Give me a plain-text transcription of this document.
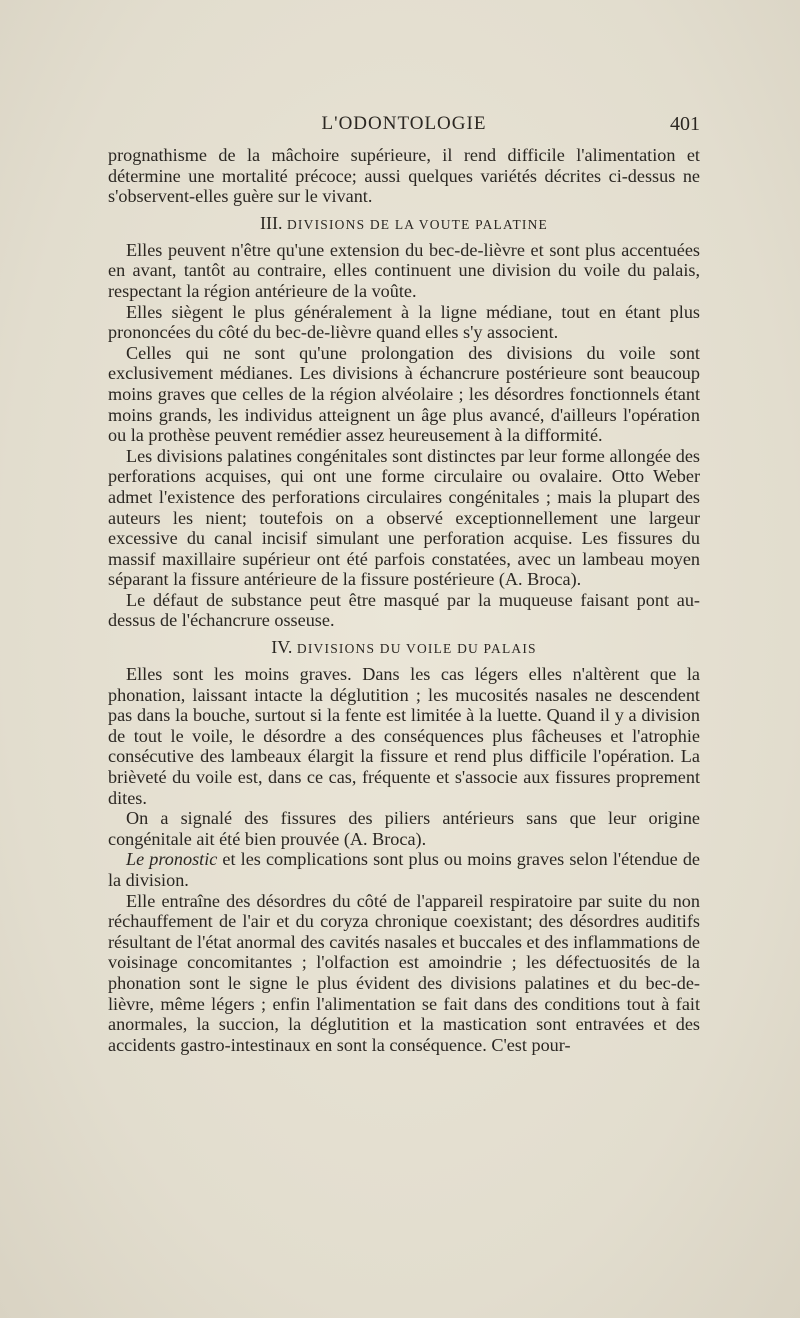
L'ODONTOLOGIE	401

prognathisme de la mâchoire supérieure, il rend difficile l'alimentation et détermine une mortalité précoce; aussi quelques variétés décrites ci-dessus ne s'observent-elles guère sur le vivant.

III. DIVISIONS DE LA VOUTE PALATINE

Elles peuvent n'être qu'une extension du bec-de-lièvre et sont plus accentuées en avant, tantôt au contraire, elles continuent une division du voile du palais, respectant la région antérieure de la voûte.

Elles siègent le plus généralement à la ligne médiane, tout en étant plus prononcées du côté du bec-de-lièvre quand elles s'y associent.

Celles qui ne sont qu'une prolongation des divisions du voile sont exclusivement médianes. Les divisions à échancrure postérieure sont beaucoup moins graves que celles de la région alvéolaire ; les désordres fonctionnels étant moins grands, les individus atteignent un âge plus avancé, d'ailleurs l'opération ou la prothèse peuvent remédier assez heureusement à la difformité.

Les divisions palatines congénitales sont distinctes par leur forme allongée des perforations acquises, qui ont une forme circulaire ou ovalaire. Otto Weber admet l'existence des perforations circulaires congénitales ; mais la plupart des auteurs les nient; toutefois on a observé exceptionnellement une largeur excessive du canal incisif simulant une perforation acquise. Les fissures du massif maxillaire supérieur ont été parfois constatées, avec un lambeau moyen séparant la fissure antérieure de la fissure postérieure (A. Broca).

Le défaut de substance peut être masqué par la muqueuse faisant pont au-dessus de l'échancrure osseuse.

IV. DIVISIONS DU VOILE DU PALAIS

Elles sont les moins graves. Dans les cas légers elles n'altèrent que la phonation, laissant intacte la déglutition ; les mucosités nasales ne descendent pas dans la bouche, surtout si la fente est limitée à la luette. Quand il y a division de tout le voile, le désordre a des conséquences plus fâcheuses et l'atrophie consécutive des lambeaux élargit la fissure et rend plus difficile l'opération. La brièveté du voile est, dans ce cas, fréquente et s'associe aux fissures proprement dites.

On a signalé des fissures des piliers antérieurs sans que leur origine congénitale ait été bien prouvée (A. Broca).

Le pronostic et les complications sont plus ou moins graves selon l'étendue de la division.

Elle entraîne des désordres du côté de l'appareil respiratoire par suite du non réchauffement de l'air et du coryza chronique coexistant; des désordres auditifs résultant de l'état anormal des cavités nasales et buccales et des inflammations de voisinage concomitantes ; l'olfaction est amoindrie ; les défectuosités de la phonation sont le signe le plus évident des divisions palatines et du bec-de-lièvre, même légers ; enfin l'alimentation se fait dans des conditions tout à fait anormales, la succion, la déglutition et la mastication sont entravées et des accidents gastro-intestinaux en sont la conséquence. C'est pour-
